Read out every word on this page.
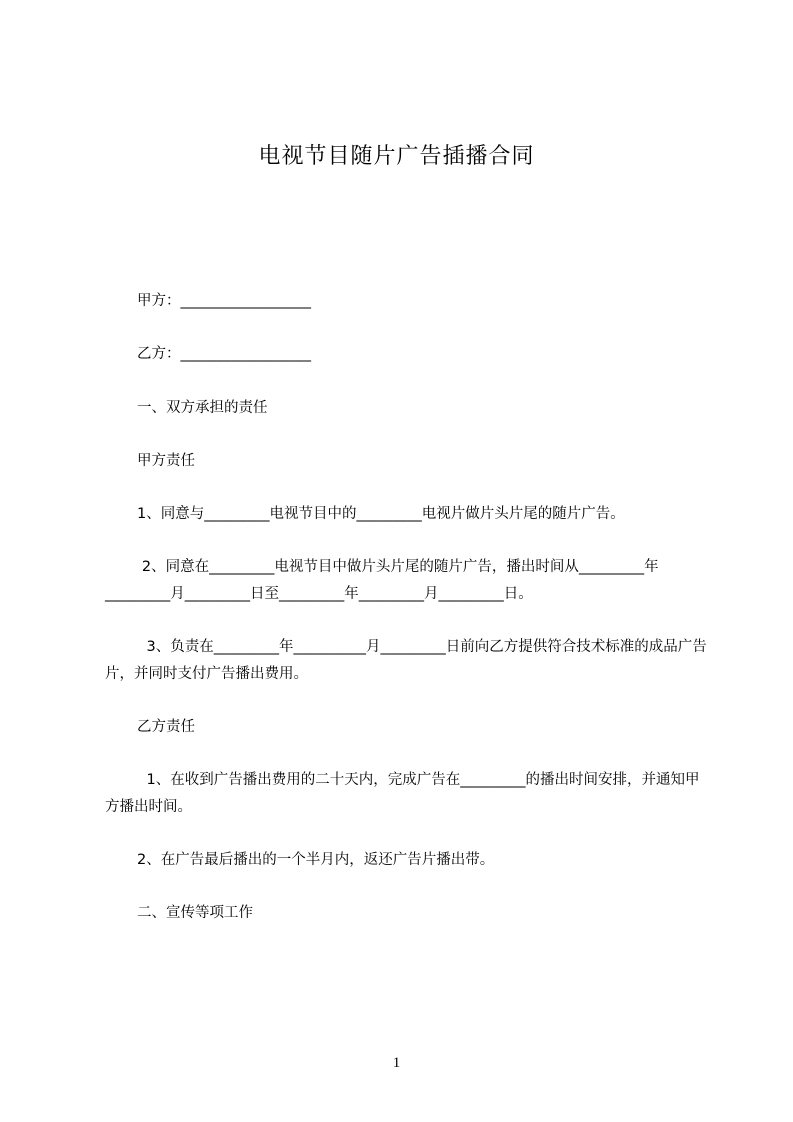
电视节目随片广告插播合同
甲方：__________________
乙方：__________________
一、双方承担的责任
甲方责任
1、同意与_________电视节目中的_________电视片做片头片尾的随片广告。
2、同意在_________电视节目中做片头片尾的随片广告，播出时间从_________年_________月_________日至_________年_________月_________日。
3、负责在_________年__________月_________日前向乙方提供符合技术标准的成品广告片，并同时支付广告播出费用。
乙方责任
1、在收到广告播出费用的二十天内，完成广告在_________的播出时间安排，并通知甲方播出时间。
2、在广告最后播出的一个半月内，返还广告片播出带。
二、宣传等项工作
1
